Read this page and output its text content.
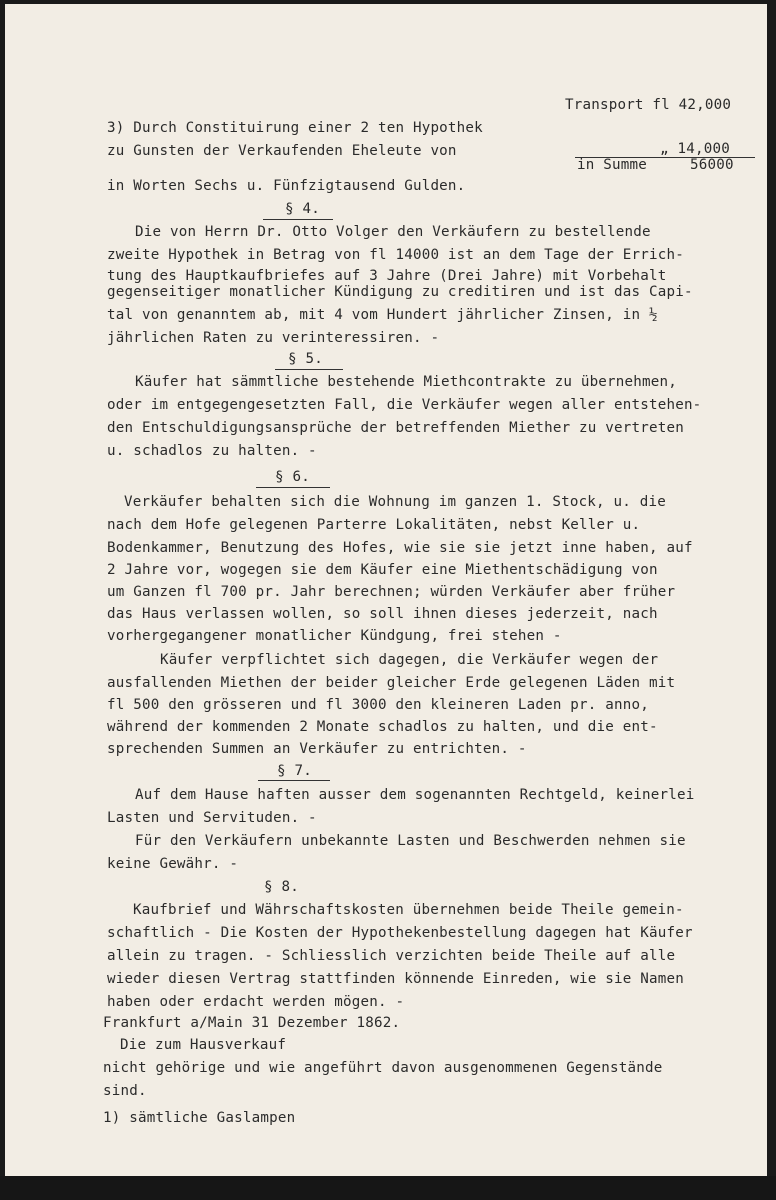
Transport fl 42,000
3) Durch Constituirung einer 2 ten Hypothek
zu Gunsten der Verkaufenden Eheleute von	„ 14,000
in Summe	56000
in Worten Sechs u. Fünfzigtausend Gulden.
§ 4.
Die von Herrn Dr. Otto Volger den Verkäufern zu bestellende
zweite Hypothek in Betrag von fl 14000 ist an dem Tage der Errich-
tung des Hauptkaufbriefes auf 3 Jahre (Drei Jahre) mit Vorbehalt
gegenseitiger monatlicher Kündigung zu creditiren und ist das Capi-
tal von genanntem ab, mit 4 vom Hundert jährlicher Zinsen, in ½
jährlichen Raten zu verinteressiren. -
§ 5.
Käufer hat sämmtliche bestehende Miethcontrakte zu übernehmen,
oder im entgegengesetzten Fall, die Verkäufer wegen aller entstehen-
den Entschuldigungsansprüche der betreffenden Miether zu vertreten
u. schadlos zu halten. -
§ 6.
Verkäufer behalten sich die Wohnung im ganzen 1. Stock, u. die
nach dem Hofe gelegenen Parterre Lokalitäten, nebst Keller u.
Bodenkammer, Benutzung des Hofes, wie sie sie jetzt inne haben, auf
2 Jahre vor, wogegen sie dem Käufer eine Miethentschädigung von
um Ganzen fl 700 pr. Jahr berechnen; würden Verkäufer aber früher
das Haus verlassen wollen, so soll ihnen dieses jederzeit, nach
vorhergegangener monatlicher Kündgung, frei stehen -
Käufer verpflichtet sich dagegen, die Verkäufer wegen der
ausfallenden Miethen der beider gleicher Erde gelegenen Läden mit
fl 500 den grösseren und fl 3000 den kleineren Laden pr. anno,
während der kommenden 2 Monate schadlos zu halten, und die ent-
sprechenden Summen an Verkäufer zu entrichten. -
§ 7.
Auf dem Hause haften ausser dem sogenannten Rechtgeld, keinerlei
Lasten und Servituden. -
Für den Verkäufern unbekannte Lasten und Beschwerden nehmen sie
keine Gewähr. -
§ 8.
Kaufbrief und Währschaftskosten übernehmen beide Theile gemein-
schaftlich - Die Kosten der Hypothekenbestellung dagegen hat Käufer
allein zu tragen. - Schliesslich verzichten beide Theile auf alle
wieder diesen Vertrag stattfinden könnende Einreden, wie sie Namen
haben oder erdacht werden mögen. -
Frankfurt a/Main 31 Dezember 1862.
Die zum Hausverkauf
nicht gehörige und wie angeführt davon ausgenommenen Gegenstände
sind.
1) sämtliche Gaslampen
